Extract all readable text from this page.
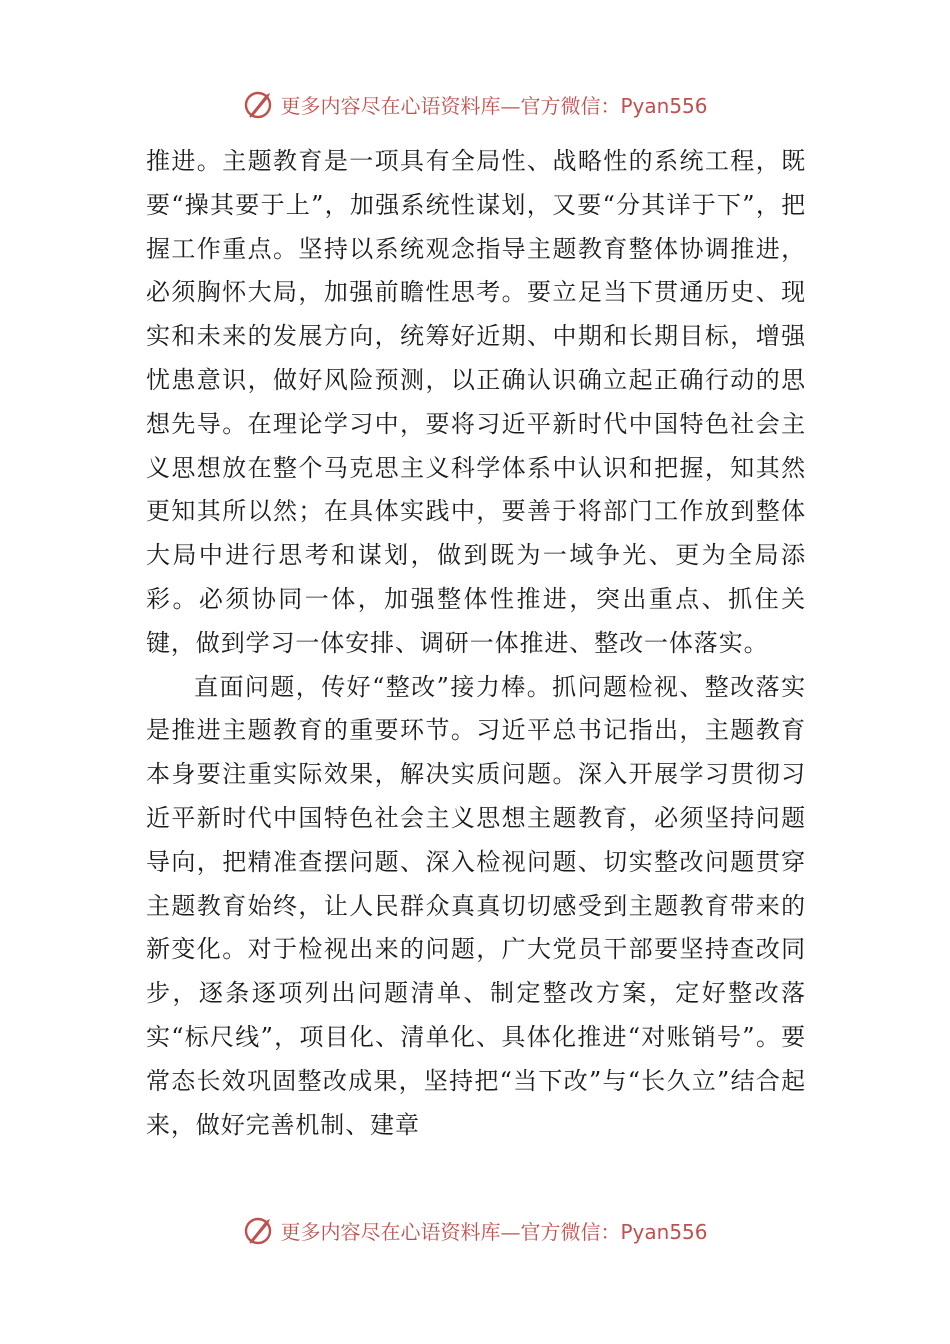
更多内容尽在心语资料库—官方微信：Pyan556

推进。主题教育是一项具有全局性、战略性的系统工程，既要“操其要于上”，加强系统性谋划，又要“分其详于下”，把握工作重点。坚持以系统观念指导主题教育整体协调推进，必须胸怀大局，加强前瞻性思考。要立足当下贯通历史、现实和未来的发展方向，统筹好近期、中期和长期目标，增强忧患意识，做好风险预测，以正确认识确立起正确行动的思想先导。在理论学习中，要将习近平新时代中国特色社会主义思想放在整个马克思主义科学体系中认识和把握，知其然更知其所以然；在具体实践中，要善于将部门工作放到整体大局中进行思考和谋划，做到既为一域争光、更为全局添彩。必须协同一体，加强整体性推进，突出重点、抓住关键，做到学习一体安排、调研一体推进、整改一体落实。

直面问题，传好“整改”接力棒。抓问题检视、整改落实是推进主题教育的重要环节。习近平总书记指出，主题教育本身要注重实际效果，解决实质问题。深入开展学习贯彻习近平新时代中国特色社会主义思想主题教育，必须坚持问题导向，把精准查摆问题、深入检视问题、切实整改问题贯穿主题教育始终，让人民群众真真切切感受到主题教育带来的新变化。对于检视出来的问题，广大党员干部要坚持查改同步，逐条逐项列出问题清单、制定整改方案，定好整改落实“标尺线”，项目化、清单化、具体化推进“对账销号”。要常态长效巩固整改成果，坚持把“当下改”与“长久立”结合起来，做好完善机制、建章

更多内容尽在心语资料库—官方微信：Pyan556
